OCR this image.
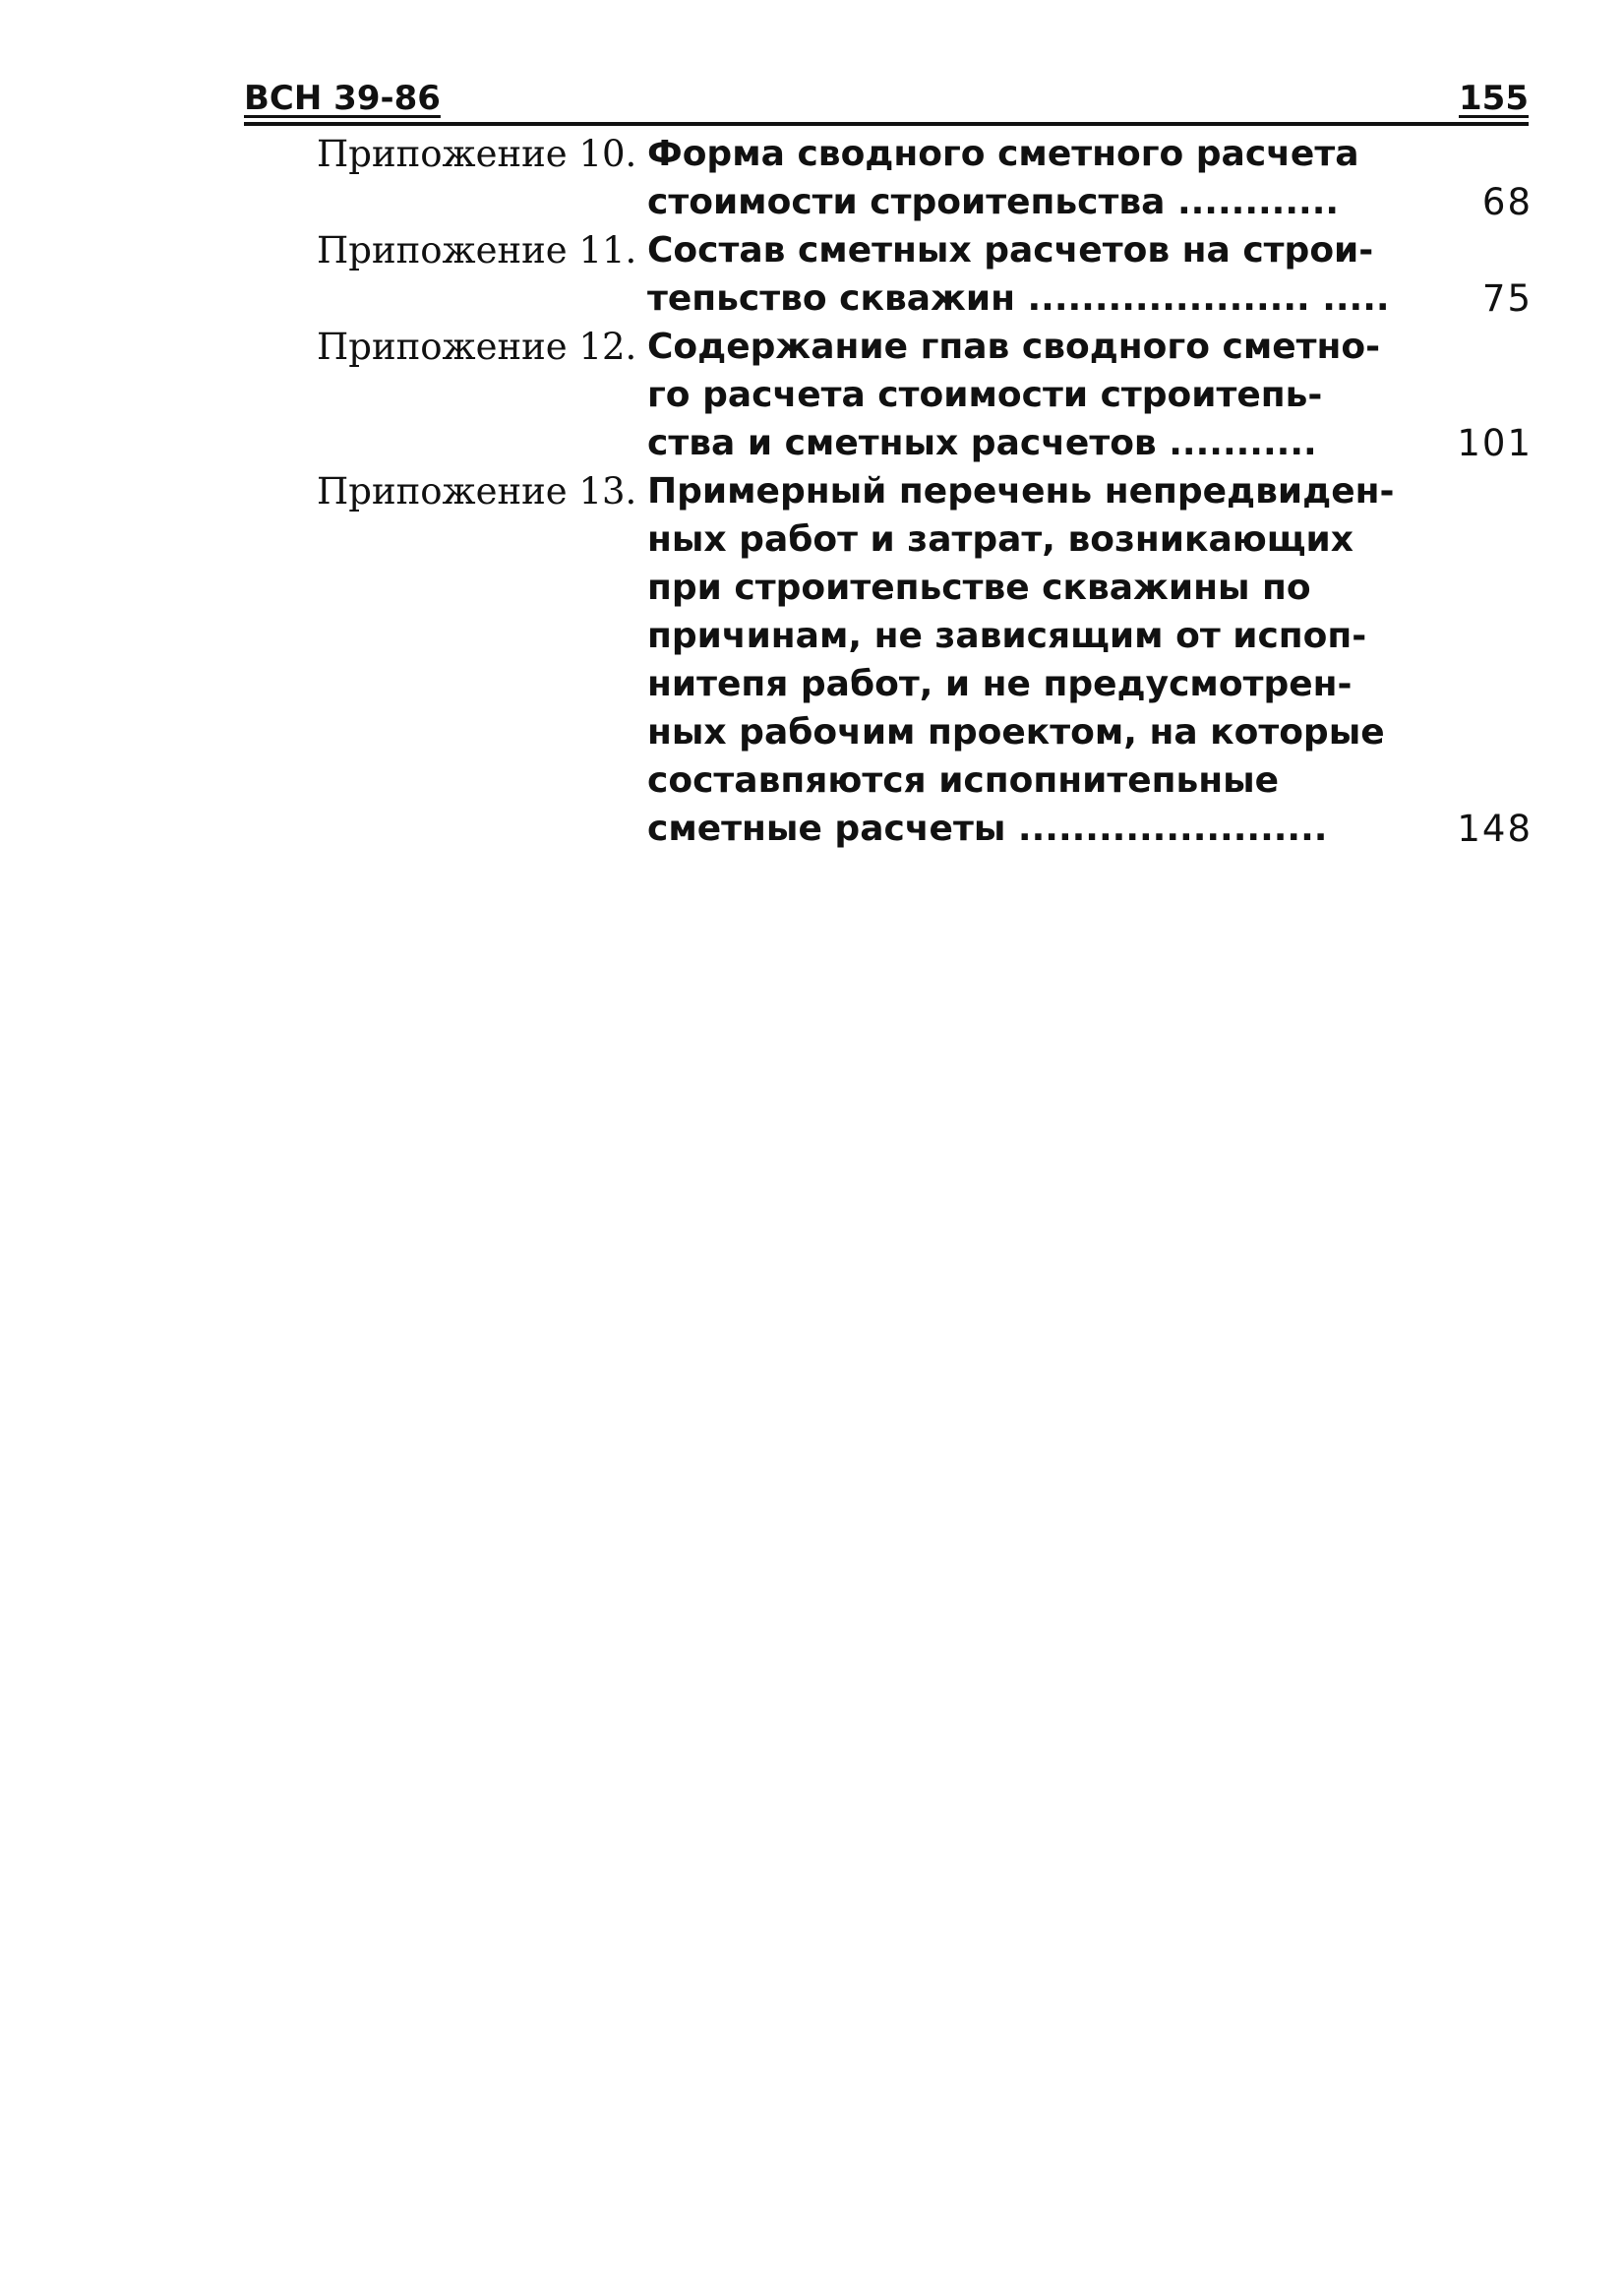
ВСН 39-86	155
Припожение 10. Форма сводного сметного расчета
стоимости строитепьства ............	68
Припожение 11. Состав сметных расчетов на строи-
тепьство скважин ..................... .....	75
Припожение 12. Содержание гпав сводного сметно-
го расчета стоимости строитепь-
ства и сметных расчетов ...........	101
Припожение 13. Примерный перечень непредвиден-
ных работ и затрат, возникающих
при строитепьстве скважины по
причинам, не зависящим от испоп-
нитепя работ, и не предусмотрен-
ных рабочим проектом, на которые
составпяются испопнитепьные
сметные расчеты .......................	148
